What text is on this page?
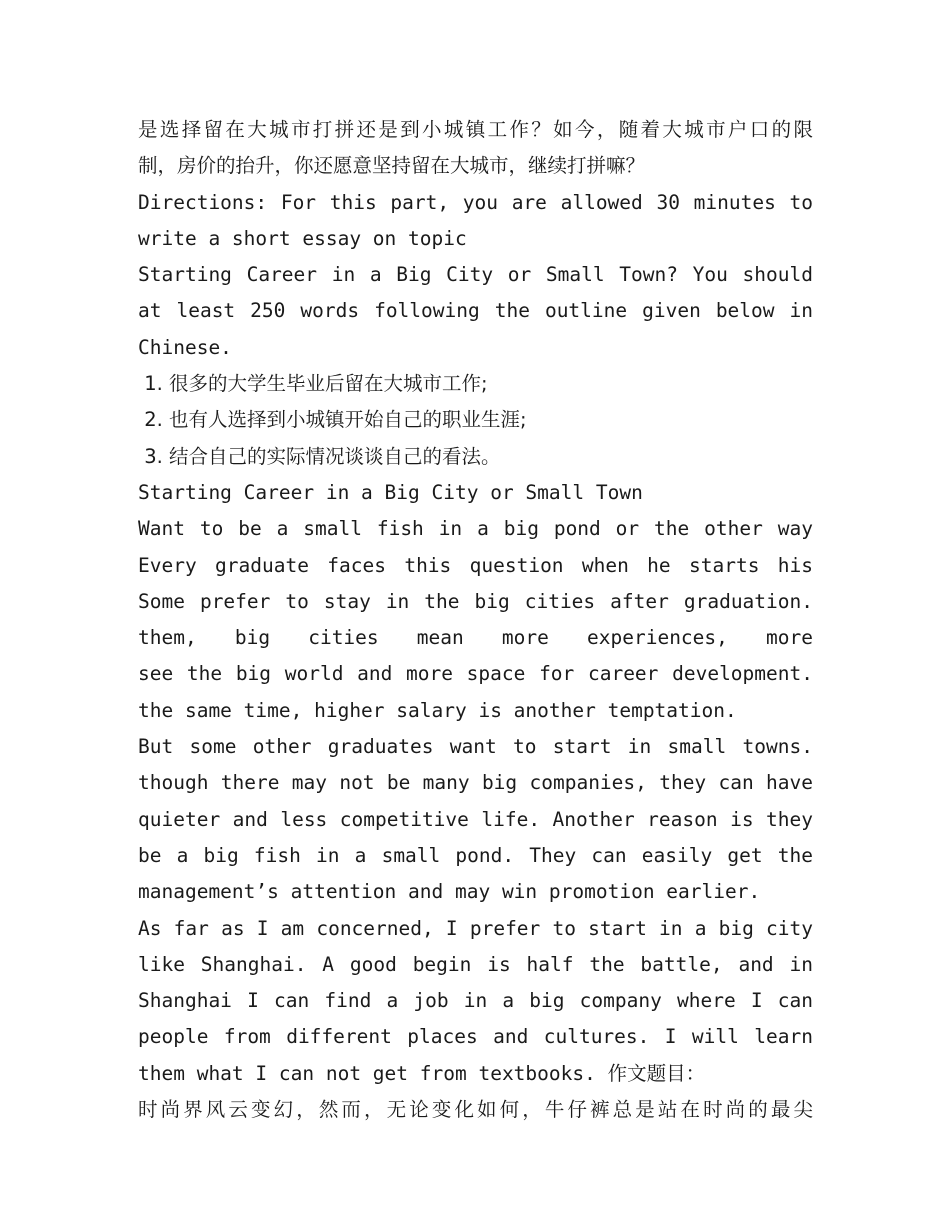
是选择留在大城市打拼还是到小城镇工作？如今，随着大城市户口的限
制，房价的抬升，你还愿意坚持留在大城市，继续打拼嘛？
Directions: For this part, you are allowed 30 minutes to
write a short essay on topic
Starting Career in a Big City or Small Town? You should
at least 250 words following the outline given below in
Chinese.
1. 很多的大学生毕业后留在大城市工作;
2. 也有人选择到小城镇开始自己的职业生涯;
3. 结合自己的实际情况谈谈自己的看法。
Starting Career in a Big City or Small Town
Want to be a small fish in a big pond or the other way
Every graduate faces this question when he starts his
Some prefer to stay in the big cities after graduation.
them, big cities mean more experiences, more
see the big world and more space for career development.
the same time, higher salary is another temptation.
But some other graduates want to start in small towns.
though there may not be many big companies, they can have
quieter and less competitive life. Another reason is they
be a big fish in a small pond. They can easily get the
management’s attention and may win promotion earlier.
As far as I am concerned, I prefer to start in a big city
like Shanghai. A good begin is half the battle, and in
Shanghai I can find a job in a big company where I can
people from different places and cultures. I will learn
them what I can not get from textbooks. 作文题目：
时尚界风云变幻，然而，无论变化如何，牛仔裤总是站在时尚的最尖
